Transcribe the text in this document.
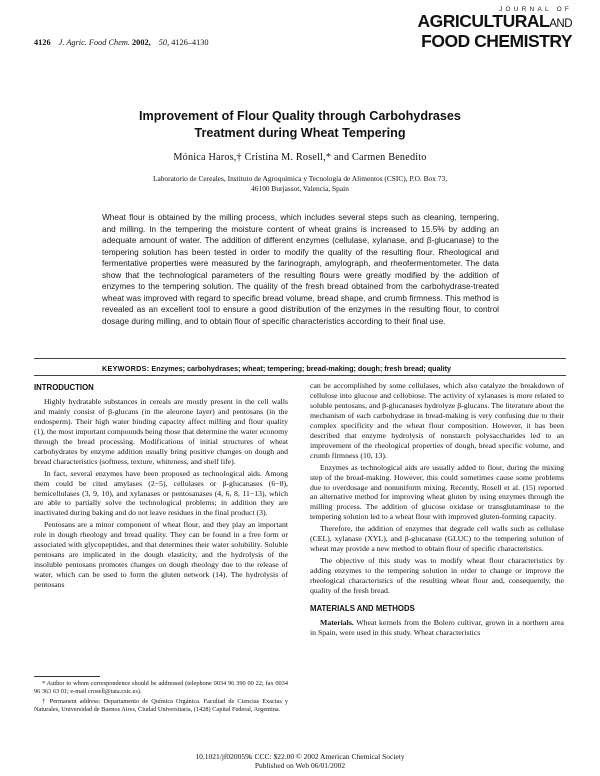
4126 J. Agric. Food Chem. 2002, 50, 4126–4130
JOURNAL OF
AGRICULTURALAND
FOOD CHEMISTRY
Improvement of Flour Quality through Carbohydrases
Treatment during Wheat Tempering
Mónica Haros,† Cristina M. Rosell,* and Carmen Benedito
Laboratorio de Cereales, Instituto de Agroquímica y Tecnología de Alimentos (CSIC), P.O. Box 73,
46100 Burjassot, Valencia, Spain
Wheat flour is obtained by the milling process, which includes several steps such as cleaning, tempering, and milling. In the tempering the moisture content of wheat grains is increased to 15.5% by adding an adequate amount of water. The addition of different enzymes (cellulase, xylanase, and β-glucanase) to the tempering solution has been tested in order to modify the quality of the resulting flour. Rheological and fermentative properties were measured by the farinograph, amylograph, and rheofermentometer. The data show that the technological parameters of the resulting flours were greatly modified by the addition of enzymes to the tempering solution. The quality of the fresh bread obtained from the carbohydrase-treated wheat was improved with regard to specific bread volume, bread shape, and crumb firmness. This method is revealed as an excellent tool to ensure a good distribution of the enzymes in the resulting flour, to control dosage during milling, and to obtain flour of specific characteristics according to their final use.
KEYWORDS: Enzymes; carbohydrases; wheat; tempering; bread-making; dough; fresh bread; quality
INTRODUCTION

Highly hydratable substances in cereals are mostly present in the cell walls and mainly consist of β-glucans (in the aleurone layer) and pentosans (in the endosperm). Their high water binding capacity affect milling and flour quality (1), the most important compounds being those that determine the water economy through the bread processing. Modifications of initial structures of wheat carbohydrates by enzyme addition usually bring positive changes on dough and bread characteristics (softness, texture, whiteness, and shelf life).

In fact, several enzymes have been proposed as technological aids. Among them could be cited amylases (2−5), cellulases or β-glucanases (6−8), hemicellulases (3, 9, 10), and xylanases or pentosanases (4, 6, 8, 11−13), which are able to partially solve the technological problems; in addition they are inactivated during baking and do not leave residues in the final product (3).

Pentosans are a minor component of wheat flour, and they play an important role in dough rheology and bread quality. They can be found in a free form or associated with glycopeptides, and that determines their water solubility. Soluble pentosans are implicated in the dough elasticity, and the hydrolysis of the insoluble pentosans promotes changes on dough rheology due to the release of water, which can be used to form the gluten network (14). The hydrolysis of pentosans

* Author to whom correspondence should be addressed (telephone 0034 96 390 00 22; fax 0034 96 363 63 01; e-mail crosell@iata.csic.es).

† Permanent address: Departamento de Química Orgánica. Facultad de Ciencias Exactas y Naturales, Universidad de Buenos Aires, Ciudad Universitaria, (1428) Capital Federal, Argentina.

can be accomplished by some cellulases, which also catalyze the breakdown of cellulose into glucose and cellobiose. The activity of xylanases is more related to soluble pentosans, and β-glucanases hydrolyze β-glucans. The literature about the mechanism of each carbohydrase in bread-making is very confusing due to their complex specificity and the wheat flour composition. However, it has been described that enzyme hydrolysis of nonstarch polysaccharides led to an improvement of the rheological properties of dough, bread specific volume, and crumb firmness (10, 13).

Enzymes as technological aids are usually added to flour, during the mixing step of the bread-making. However, this could sometimes cause some problems due to overdosage and nonuniform mixing. Recently, Rosell et al. (15) reported an alternative method for improving wheat gluten by using enzymes through the milling process. The addition of glucose oxidase or transglutaminase to the tempering solution led to a wheat flour with improved gluten-forming capacity.

Therefore, the addition of enzymes that degrade cell walls such as cellulase (CEL), xylanase (XYL), and β-glucanase (GLUC) to the tempering solution of wheat may provide a new method to obtain flour of specific characteristics.

The objective of this study was to modify wheat flour characteristics by adding enzymes to the tempering solution in order to change or improve the rheological characteristics of the resulting wheat flour and, consequently, the quality of the fresh bread.

MATERIALS AND METHODS

Materials. Wheat kernels from the Bolero cultivar, grown in a northern area in Spain, were used in this study. Wheat characteristics

10.1021/jf020059k CCC: $22.00 © 2002 American Chemical Society
Published on Web 06/01/2002
